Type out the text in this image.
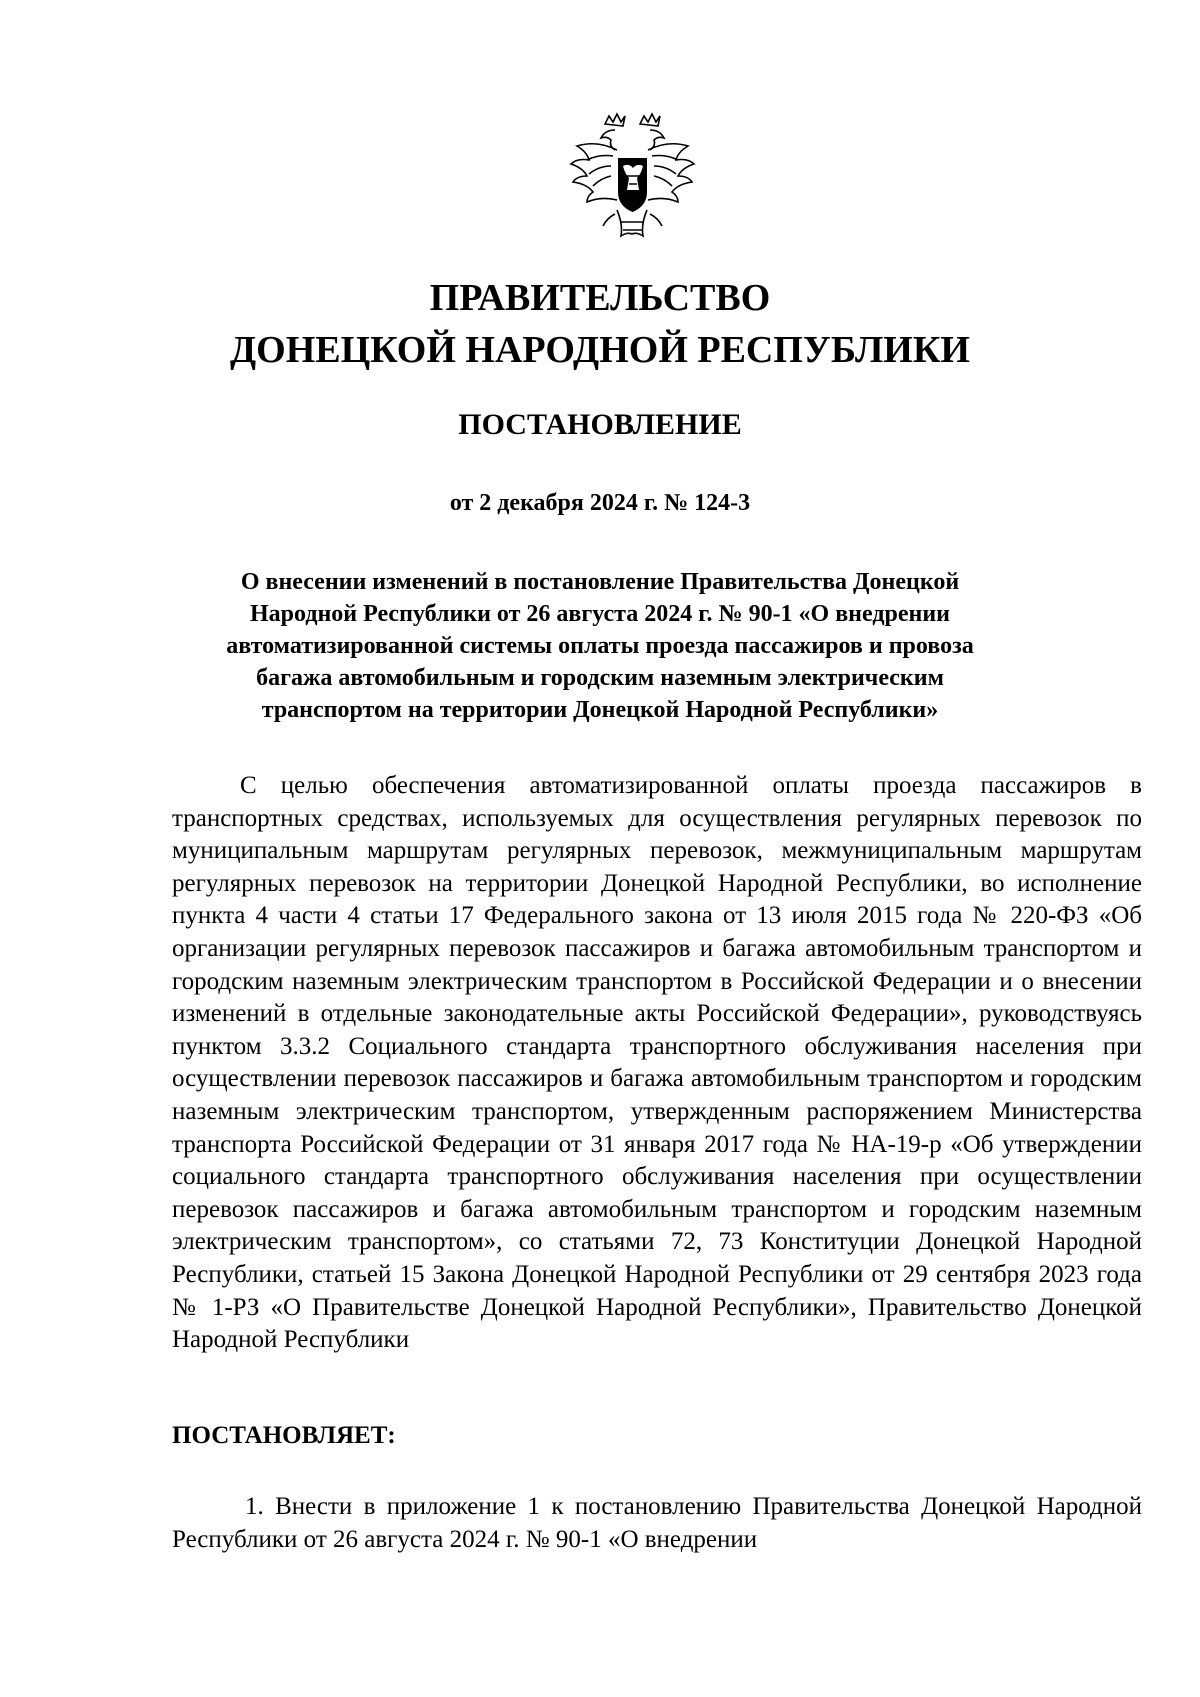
ПРАВИТЕЛЬСТВО
ДОНЕЦКОЙ НАРОДНОЙ РЕСПУБЛИКИ
ПОСТАНОВЛЕНИЕ
от 2 декабря 2024 г. № 124-3
О внесении изменений в постановление Правительства Донецкой
Народной Республики от 26 августа 2024 г. № 90-1 «О внедрении
автоматизированной системы оплаты проезда пассажиров и провоза
багажа автомобильным и городским наземным электрическим
транспортом на территории Донецкой Народной Республики»

С целью обеспечения автоматизированной оплаты проезда пассажиров в транспортных средствах, используемых для осуществления регулярных перевозок по муниципальным маршрутам регулярных перевозок, межмуниципальным маршрутам регулярных перевозок на территории Донецкой Народной Республики, во исполнение пункта 4 части 4 статьи 17 Федерального закона от 13 июля 2015 года № 220-ФЗ «Об организации регулярных перевозок пассажиров и багажа автомобильным транспортом и городским наземным электрическим транспортом в Российской Федерации и о внесении изменений в отдельные законодательные акты Российской Федерации», руководствуясь пунктом 3.3.2 Социального стандарта транспортного обслуживания населения при осуществлении перевозок пассажиров и багажа автомобильным транспортом и городским наземным электрическим транспортом, утвержденным распоряжением Министерства транспорта Российской Федерации от 31 января 2017 года № НА-19-р «Об утверждении социального стандарта транспортного обслуживания населения при осуществлении перевозок пассажиров и багажа автомобильным транспортом и городским наземным электрическим транспортом», со статьями 72, 73 Конституции Донецкой Народной Республики, статьей 15 Закона Донецкой Народной Республики от 29 сентября 2023 года № 1-РЗ «О Правительстве Донецкой Народной Республики», Правительство Донецкой Народной Республики

ПОСТАНОВЛЯЕТ:
1. Внести в приложение 1 к постановлению Правительства Донецкой Народной Республики от 26 августа 2024 г. № 90-1 «О внедрении
